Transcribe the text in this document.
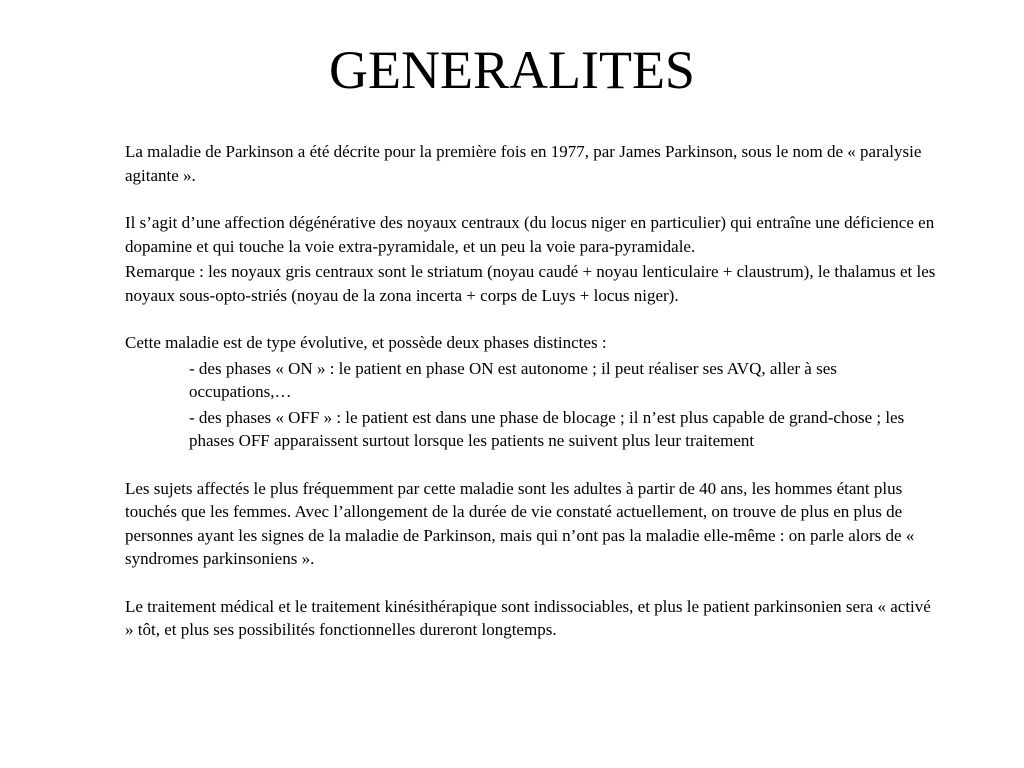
GENERALITES

La maladie de Parkinson a été décrite pour la première fois en 1977, par James Parkinson, sous le nom de « paralysie agitante ».

Il s’agit d’une affection dégénérative des noyaux centraux (du locus niger en particulier) qui entraîne une déficience en dopamine et qui touche la voie extra-pyramidale, et un peu la voie para-pyramidale.

Remarque : les noyaux gris centraux sont le striatum (noyau caudé + noyau lenticulaire + claustrum), le thalamus et les noyaux sous-opto-striés (noyau de la zona incerta + corps de Luys + locus niger).

Cette maladie est de type évolutive, et possède deux phases distinctes :

- des phases « ON » : le patient en phase ON est autonome ; il peut réaliser ses AVQ, aller à ses occupations,…

- des phases « OFF » : le patient est dans une phase de blocage ; il n’est plus capable de grand-chose ; les phases OFF apparaissent surtout lorsque les patients ne suivent plus leur traitement

Les sujets affectés le plus fréquemment par cette maladie sont les adultes à partir de 40 ans, les hommes étant plus touchés que les femmes. Avec l’allongement de la durée de vie constaté actuellement, on trouve de plus en plus de personnes ayant les signes de la maladie de Parkinson, mais qui n’ont pas la maladie elle-même : on parle alors de « syndromes parkinsoniens ».

Le traitement médical et le traitement kinésithérapique sont indissociables, et plus le patient parkinsonien sera « activé » tôt, et plus ses possibilités fonctionnelles dureront longtemps.
